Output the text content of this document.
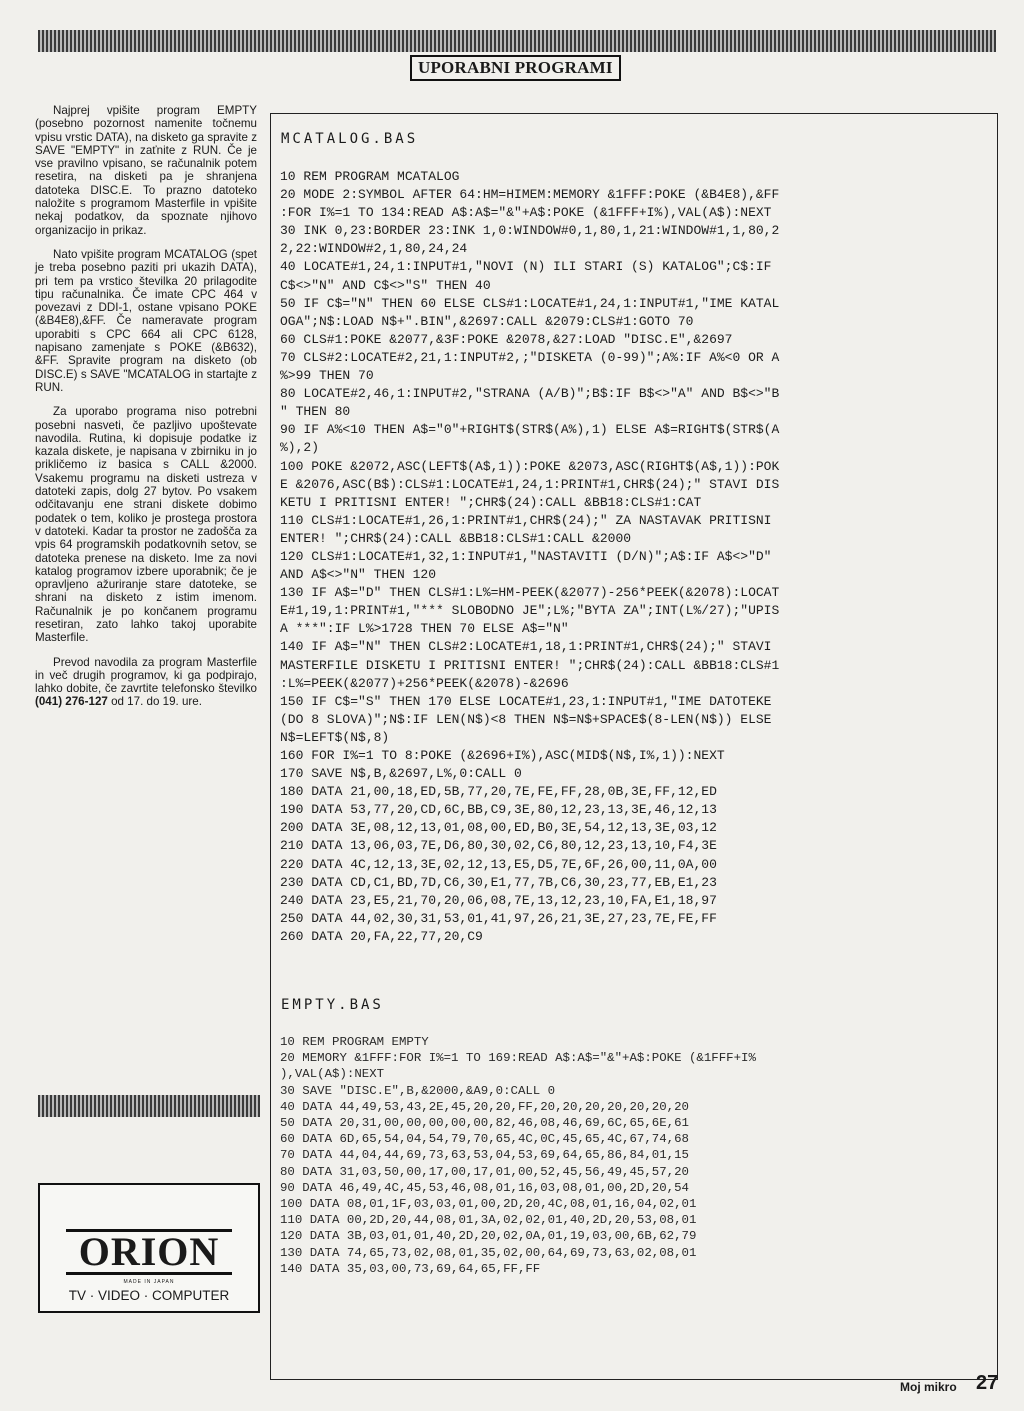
UPORABNI PROGRAMI

Najprej vpišite program EMPTY (posebno pozornost namenite točnemu vpisu vrstic DATA), na disketo ga spravite z SAVE "EMPTY" in zaťnite z RUN. Če je vse pravilno vpisano, se računalnik potem resetira, na disketi pa je shranjena datoteka DISC.E. To prazno datoteko naložite s programom Masterfile in vpišite nekaj podatkov, da spoznate njihovo organizacijo in prikaz.

Nato vpišite program MCATALOG (spet je treba posebno paziti pri ukazih DATA), pri tem pa vrstico številka 20 prilagodite tipu računalnika. Če imate CPC 464 v povezavi z DDI-1, ostane vpisano POKE (&B4E8),&FF. Če nameravate program uporabiti s CPC 664 ali CPC 6128, napisano zamenjate s POKE (&B632), &FF. Spravite program na disketo (ob DISC.E) s SAVE "MCATALOG in startajte z RUN.

Za uporabo programa niso potrebni posebni nasveti, če pazljivo upoštevate navodila. Rutina, ki dopisuje podatke iz kazala diskete, je napisana v zbirniku in jo prikličemo iz basica s CALL &2000. Vsakemu programu na disketi ustreza v datoteki zapis, dolg 27 bytov. Po vsakem odčitavanju ene strani diskete dobimo podatek o tem, koliko je prostega prostora v datoteki. Kadar ta prostor ne zadošča za vpis 64 programskih podatkovnih setov, se datoteka prenese na disketo. Ime za novi katalog programov izbere uporabnik; če je opravljeno ažuriranje stare datoteke, se shrani na disketo z istim imenom. Računalnik je po končanem programu resetiran, zato lahko takoj uporabite Masterfile.

Prevod navodila za program Masterfile in več drugih programov, ki ga podpirajo, lahko dobite, če zavrtite telefonsko številko (041) 276-127 od 17. do 19. ure.

ORION
MADE IN JAPAN
TV · VIDEO · COMPUTER
MCATALOG.BAS
10 REM PROGRAM MCATALOG
20 MODE 2:SYMBOL AFTER 64:HM=HIMEM:MEMORY &1FFF:POKE (&B4E8),&FF
:FOR I%=1 TO 134:READ A$:A$="&"+A$:POKE (&1FFF+I%),VAL(A$):NEXT
30 INK 0,23:BORDER 23:INK 1,0:WINDOW#0,1,80,1,21:WINDOW#1,1,80,2
2,22:WINDOW#2,1,80,24,24
40 LOCATE#1,24,1:INPUT#1,"NOVI (N) ILI STARI (S) KATALOG";C$:IF
C$<>"N" AND C$<>"S" THEN 40
50 IF C$="N" THEN 60 ELSE CLS#1:LOCATE#1,24,1:INPUT#1,"IME KATAL
OGA";N$:LOAD N$+".BIN",&2697:CALL &2079:CLS#1:GOTO 70
60 CLS#1:POKE &2077,&3F:POKE &2078,&27:LOAD "DISC.E",&2697
70 CLS#2:LOCATE#2,21,1:INPUT#2,;"DISKETA (0-99)";A%:IF A%<0 OR A
%>99 THEN 70
80 LOCATE#2,46,1:INPUT#2,"STRANA (A/B)";B$:IF B$<>"A" AND B$<>"B
" THEN 80
90 IF A%<10 THEN A$="0"+RIGHT$(STR$(A%),1) ELSE A$=RIGHT$(STR$(A
%),2)
100 POKE &2072,ASC(LEFT$(A$,1)):POKE &2073,ASC(RIGHT$(A$,1)):POK
E &2076,ASC(B$):CLS#1:LOCATE#1,24,1:PRINT#1,CHR$(24);" STAVI DIS
KETU I PRITISNI ENTER! ";CHR$(24):CALL &BB18:CLS#1:CAT
110 CLS#1:LOCATE#1,26,1:PRINT#1,CHR$(24);" ZA NASTAVAK PRITISNI
ENTER! ";CHR$(24):CALL &BB18:CLS#1:CALL &2000
120 CLS#1:LOCATE#1,32,1:INPUT#1,"NASTAVITI (D/N)";A$:IF A$<>"D"
AND A$<>"N" THEN 120
130 IF A$="D" THEN CLS#1:L%=HM-PEEK(&2077)-256*PEEK(&2078):LOCAT
E#1,19,1:PRINT#1,"*** SLOBODNO JE";L%;"BYTA ZA";INT(L%/27);"UPIS
A ***":IF L%>1728 THEN 70 ELSE A$="N"
140 IF A$="N" THEN CLS#2:LOCATE#1,18,1:PRINT#1,CHR$(24);" STAVI
MASTERFILE DISKETU I PRITISNI ENTER! ";CHR$(24):CALL &BB18:CLS#1
:L%=PEEK(&2077)+256*PEEK(&2078)-&2696
150 IF C$="S" THEN 170 ELSE LOCATE#1,23,1:INPUT#1,"IME DATOTEKE
(DO 8 SLOVA)";N$:IF LEN(N$)<8 THEN N$=N$+SPACE$(8-LEN(N$)) ELSE
N$=LEFT$(N$,8)
160 FOR I%=1 TO 8:POKE (&2696+I%),ASC(MID$(N$,I%,1)):NEXT
170 SAVE N$,B,&2697,L%,0:CALL 0
180 DATA 21,00,18,ED,5B,77,20,7E,FE,FF,28,0B,3E,FF,12,ED
190 DATA 53,77,20,CD,6C,BB,C9,3E,80,12,23,13,3E,46,12,13
200 DATA 3E,08,12,13,01,08,00,ED,B0,3E,54,12,13,3E,03,12
210 DATA 13,06,03,7E,D6,80,30,02,C6,80,12,23,13,10,F4,3E
220 DATA 4C,12,13,3E,02,12,13,E5,D5,7E,6F,26,00,11,0A,00
230 DATA CD,C1,BD,7D,C6,30,E1,77,7B,C6,30,23,77,EB,E1,23
240 DATA 23,E5,21,70,20,06,08,7E,13,12,23,10,FA,E1,18,97
250 DATA 44,02,30,31,53,01,41,97,26,21,3E,27,23,7E,FE,FF
260 DATA 20,FA,22,77,20,C9
EMPTY.BAS
10 REM PROGRAM EMPTY
20 MEMORY &1FFF:FOR I%=1 TO 169:READ A$:A$="&"+A$:POKE (&1FFF+I%
),VAL(A$):NEXT
30 SAVE "DISC.E",B,&2000,&A9,0:CALL 0
40 DATA 44,49,53,43,2E,45,20,20,FF,20,20,20,20,20,20,20
50 DATA 20,31,00,00,00,00,00,82,46,08,46,69,6C,65,6E,61
60 DATA 6D,65,54,04,54,79,70,65,4C,0C,45,65,4C,67,74,68
70 DATA 44,04,44,69,73,63,53,04,53,69,64,65,86,84,01,15
80 DATA 31,03,50,00,17,00,17,01,00,52,45,56,49,45,57,20
90 DATA 46,49,4C,45,53,46,08,01,16,03,08,01,00,2D,20,54
100 DATA 08,01,1F,03,03,01,00,2D,20,4C,08,01,16,04,02,01
110 DATA 00,2D,20,44,08,01,3A,02,02,01,40,2D,20,53,08,01
120 DATA 3B,03,01,01,40,2D,20,02,0A,01,19,03,00,6B,62,79
130 DATA 74,65,73,02,08,01,35,02,00,64,69,73,63,02,08,01
140 DATA 35,03,00,73,69,64,65,FF,FF
Moj mikro 27
